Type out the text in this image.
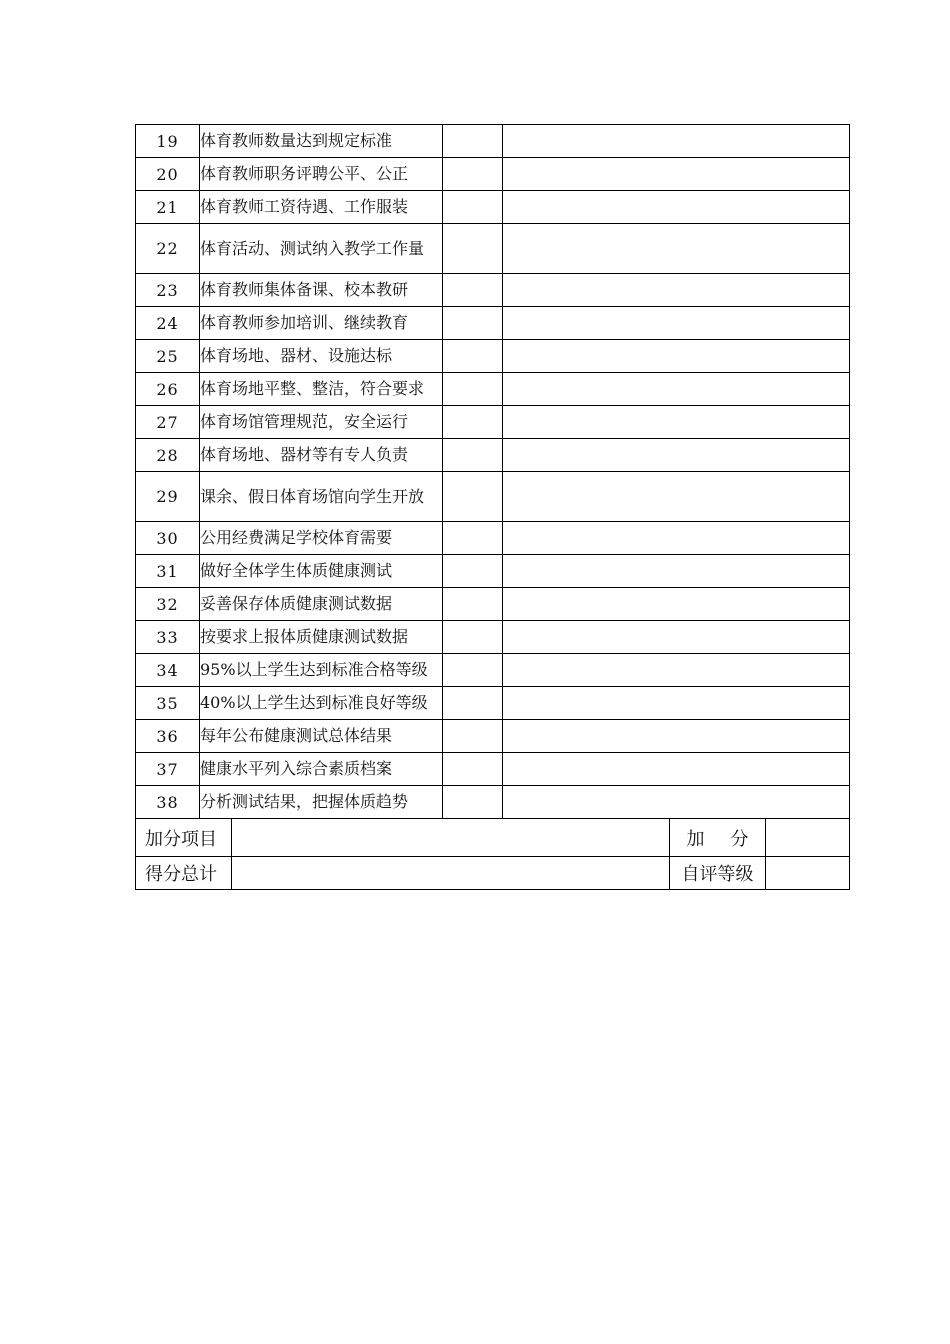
19	体育教师数量达到规定标准		
20	体育教师职务评聘公平、公正		
21	体育教师工资待遇、工作服装		
22	体育活动、测试纳入教学工作量		
23	体育教师集体备课、校本教研		
24	体育教师参加培训、继续教育		
25	体育场地、器材、设施达标		
26	体育场地平整、整洁，符合要求		
27	体育场馆管理规范，安全运行		
28	体育场地、器材等有专人负责		
29	课余、假日体育场馆向学生开放		
30	公用经费满足学校体育需要		
31	做好全体学生体质健康测试		
32	妥善保存体质健康测试数据		
33	按要求上报体质健康测试数据		
34	95%以上学生达到标准合格等级		
35	40%以上学生达到标准良好等级		
36	每年公布健康测试总体结果		
37	健康水平列入综合素质档案		
38	分析测试结果，把握体质趋势		
加分项目		加分	
得分总计		自评等级	
